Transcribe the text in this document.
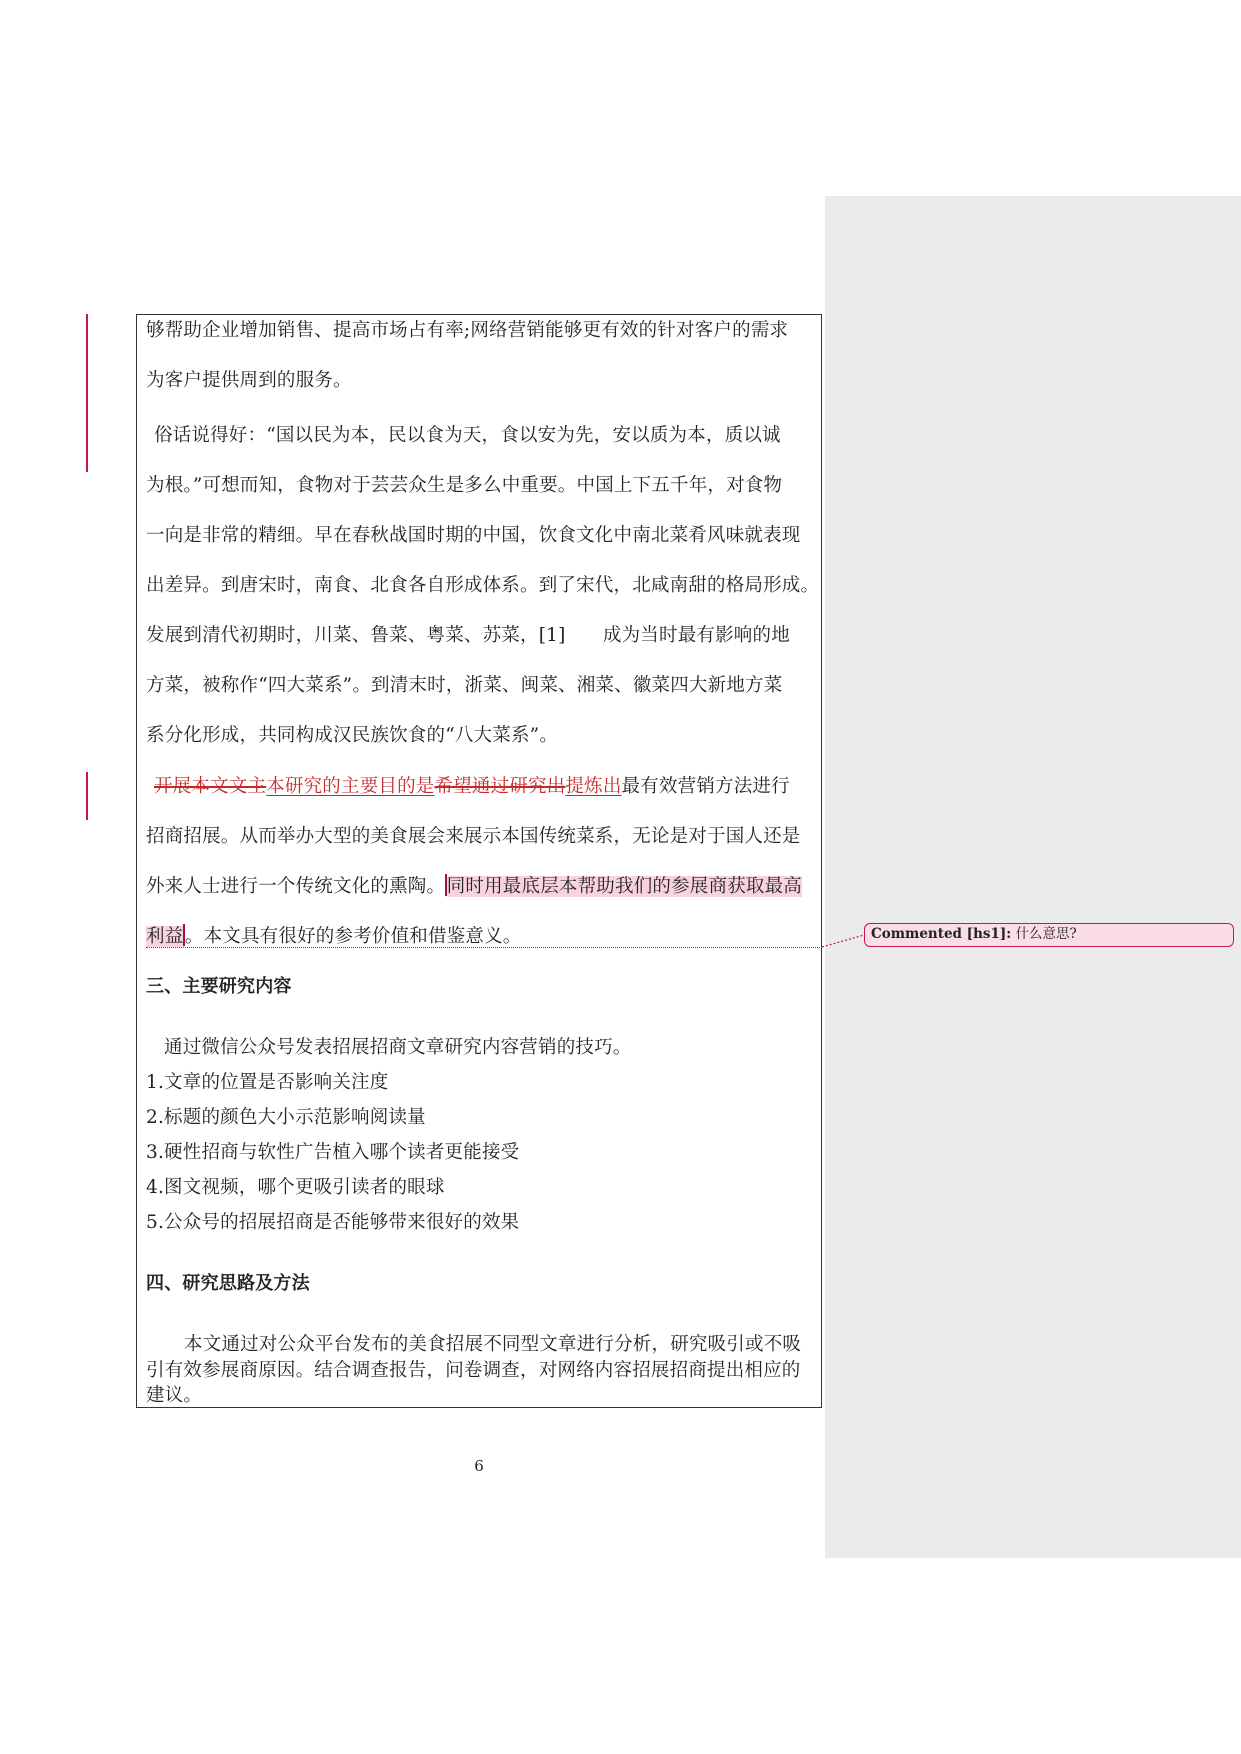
够帮助企业增加销售、提高市场占有率;网络营销能够更有效的针对客户的需求
为客户提供周到的服务。
俗话说得好：“国以民为本，民以食为天，食以安为先，安以质为本，质以诚
为根。”可想而知，食物对于芸芸众生是多么中重要。中国上下五千年，对食物
一向是非常的精细。早在春秋战国时期的中国，饮食文化中南北菜肴风味就表现
出差异。到唐宋时，南食、北食各自形成体系。到了宋代，北咸南甜的格局形成。
发展到清代初期时，川菜、鲁菜、粤菜、苏菜，[1]　　成为当时最有影响的地
方菜，被称作“四大菜系”。到清末时，浙菜、闽菜、湘菜、徽菜四大新地方菜
系分化形成，共同构成汉民族饮食的“八大菜系”。
开展本文文主本研究的主要目的是希望通过研究出提炼出最有效营销方法进行
招商招展。从而举办大型的美食展会来展示本国传统菜系，无论是对于国人还是
外来人士进行一个传统文化的熏陶。同时用最底层本帮助我们的参展商获取最高
利益。本文具有很好的参考价值和借鉴意义。	Commented [hs1]: 什么意思?
三、主要研究内容
通过微信公众号发表招展招商文章研究内容营销的技巧。
1.文章的位置是否影响关注度
2.标题的颜色大小示范影响阅读量
3.硬性招商与软性广告植入哪个读者更能接受
4.图文视频，哪个更吸引读者的眼球
5.公众号的招展招商是否能够带来很好的效果
四、研究思路及方法
本文通过对公众平台发布的美食招展不同型文章进行分析，研究吸引或不吸
引有效参展商原因。结合调查报告，问卷调查，对网络内容招展招商提出相应的
建议。
6
